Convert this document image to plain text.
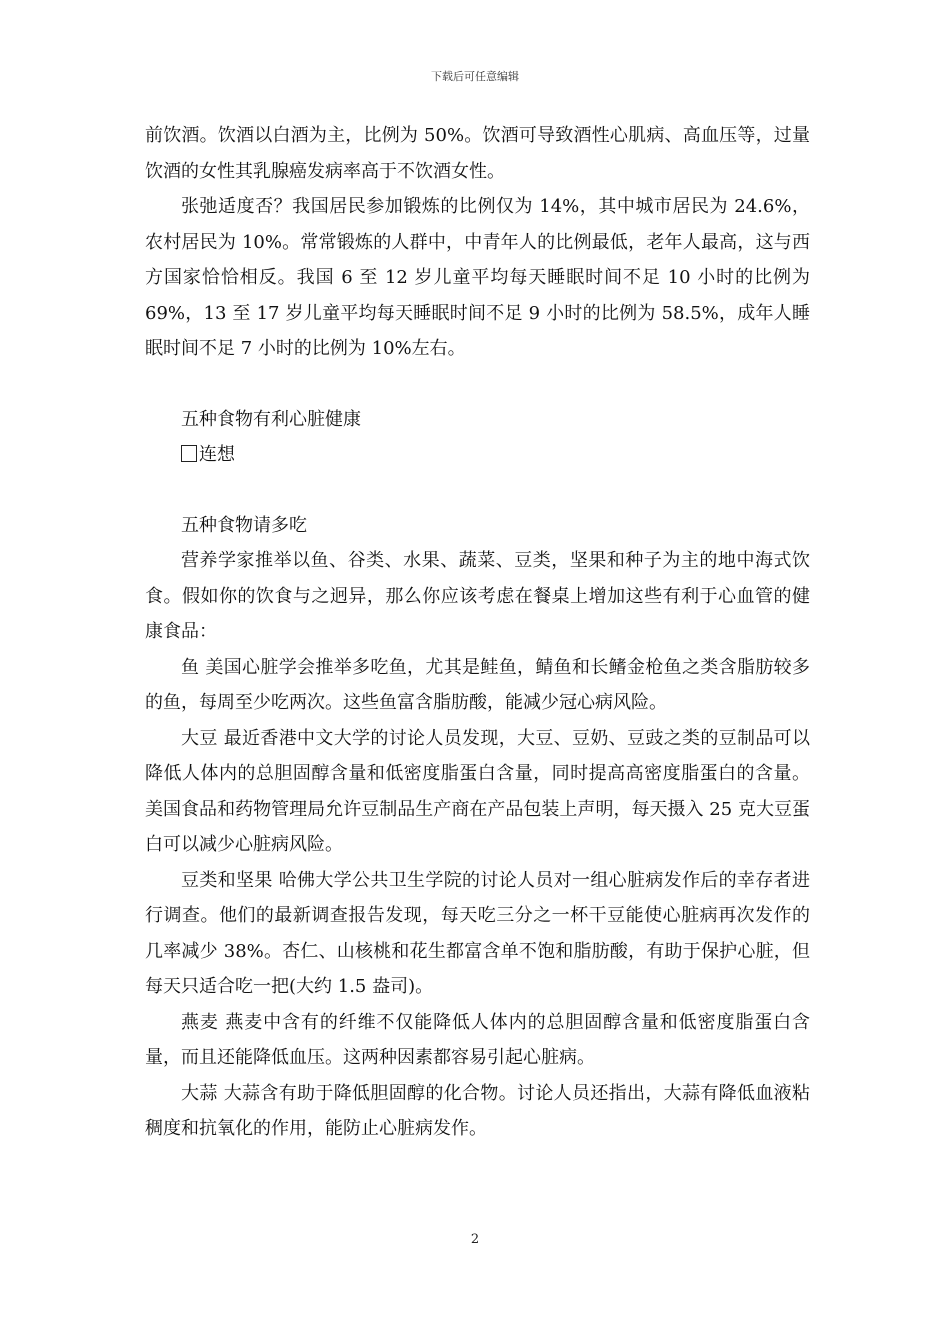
下载后可任意编辑

前饮酒。饮酒以白酒为主，比例为 50%。饮酒可导致酒性心肌病、高血压等，过量饮酒的女性其乳腺癌发病率高于不饮酒女性。

张弛适度否？我国居民参加锻炼的比例仅为 14%，其中城市居民为 24.6%，农村居民为 10%。常常锻炼的人群中，中青年人的比例最低，老年人最高，这与西方国家恰恰相反。我国 6 至 12 岁儿童平均每天睡眠时间不足 10 小时的比例为 69%，13 至 17 岁儿童平均每天睡眠时间不足 9 小时的比例为 58.5%，成年人睡眠时间不足 7 小时的比例为 10%左右。

五种食物有利心脏健康

连想

五种食物请多吃

营养学家推举以鱼、谷类、水果、蔬菜、豆类，坚果和种子为主的地中海式饮食。假如你的饮食与之迥异，那么你应该考虑在餐桌上增加这些有利于心血管的健康食品：

鱼 美国心脏学会推举多吃鱼，尤其是鲑鱼，鲭鱼和长鳍金枪鱼之类含脂肪较多的鱼，每周至少吃两次。这些鱼富含脂肪酸，能减少冠心病风险。

大豆 最近香港中文大学的讨论人员发现，大豆、豆奶、豆豉之类的豆制品可以降低人体内的总胆固醇含量和低密度脂蛋白含量，同时提高高密度脂蛋白的含量。美国食品和药物管理局允许豆制品生产商在产品包装上声明，每天摄入 25 克大豆蛋白可以减少心脏病风险。

豆类和坚果 哈佛大学公共卫生学院的讨论人员对一组心脏病发作后的幸存者进行调查。他们的最新调查报告发现，每天吃三分之一杯干豆能使心脏病再次发作的几率减少 38%。杏仁、山核桃和花生都富含单不饱和脂肪酸，有助于保护心脏，但每天只适合吃一把(大约 1.5 盎司)。

燕麦 燕麦中含有的纤维不仅能降低人体内的总胆固醇含量和低密度脂蛋白含量，而且还能降低血压。这两种因素都容易引起心脏病。

大蒜 大蒜含有助于降低胆固醇的化合物。讨论人员还指出，大蒜有降低血液粘稠度和抗氧化的作用，能防止心脏病发作。

2
